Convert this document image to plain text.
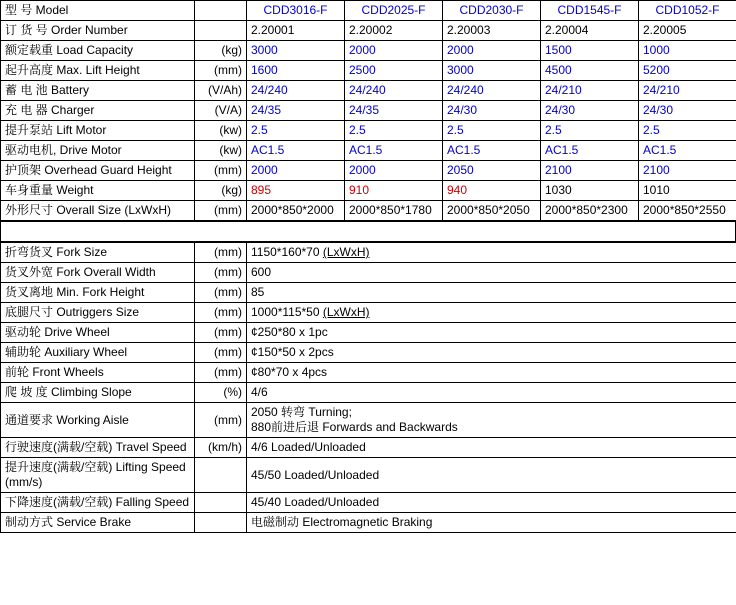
型 号 Model		CDD3016-F	CDD2025-F	CDD2030-F	CDD1545-F	CDD1052-F
订 货 号 Order Number		2.20001	2.20002	2.20003	2.20004	2.20005
额定载重 Load Capacity	(kg)	3000	2000	2000	1500	1000
起升高度 Max. Lift Height	(mm)	1600	2500	3000	4500	5200
蓄 电 池 Battery	(V/Ah)	24/240	24/240	24/240	24/210	24/210
充 电 器 Charger	(V/A)	24/35	24/35	24/30	24/30	24/30
提升泵站 Lift Motor	(kw)	2.5	2.5	2.5	2.5	2.5
驱动电机, Drive Motor	(kw)	AC1.5	AC1.5	AC1.5	AC1.5	AC1.5
护顶架 Overhead Guard Height	(mm)	2000	2000	2050	2100	2100
车身重量 Weight	(kg)	895	910	940	1030	1010
外形尺寸 Overall Size (LxWxH)	(mm)	2000*850*2000	2000*850*1780	2000*850*2050	2000*850*2300	2000*850*2550
折弯货叉 Fork Size	(mm)	1150*160*70 (LxWxH)
货叉外宽 Fork Overall Width	(mm)	600
货叉离地 Min. Fork Height	(mm)	85
底腿尺寸 Outriggers Size	(mm)	1000*115*50 (LxWxH)
驱动轮 Drive Wheel	(mm)	¢250*80 x 1pc
辅助轮 Auxiliary Wheel	(mm)	¢150*50 x 2pcs
前轮 Front Wheels	(mm)	¢80*70 x 4pcs
爬 坡 度 Climbing Slope	(%)	4/6
通道要求 Working Aisle	(mm)	2050 转弯 Turning;
880前进后退 Forwards and Backwards

行驶速度(满载/空载) Travel Speed	(km/h)	4/6 Loaded/Unloaded

提升速度(满载/空载) Lifting Speed
(mm/s)		45/50 Loaded/Unloaded
下降速度(满载/空载) Falling Speed		45/40 Loaded/Unloaded
制动方式 Service Brake		电磁制动 Electromagnetic Braking
